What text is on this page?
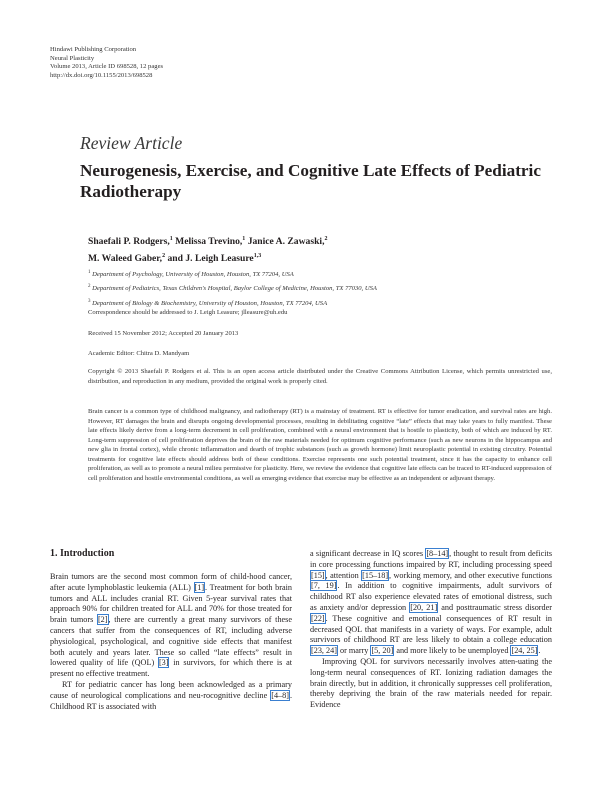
Hindawi Publishing Corporation
Neural Plasticity
Volume 2013, Article ID 698528, 12 pages
http://dx.doi.org/10.1155/2013/698528
Review Article
Neurogenesis, Exercise, and Cognitive Late Effects of Pediatric Radiotherapy
Shaefali P. Rodgers,$^1$ Melissa Trevino,$^1$ Janice A. Zawaski,$^2$
M. Waleed Gaber,$^2$ and J. Leigh Leasure$^{1,3}$
$^1$ Department of Psychology, University of Houston, Houston, TX 77204, USA
$^2$ Department of Pediatrics, Texas Children's Hospital, Baylor College of Medicine, Houston, TX 77030, USA
$^3$ Department of Biology & Biochemistry, University of Houston, Houston, TX 77204, USA
Correspondence should be addressed to J. Leigh Leasure; jlleasure@uh.edu
Received 15 November 2012; Accepted 20 January 2013
Academic Editor: Chitra D. Mandyam
Copyright © 2013 Shaefali P. Rodgers et al. This is an open access article distributed under the Creative Commons Attribution License, which permits unrestricted use, distribution, and reproduction in any medium, provided the original work is properly cited.
Brain cancer is a common type of childhood malignancy, and radiotherapy (RT) is a mainstay of treatment. RT is effective for tumor eradication, and survival rates are high. However, RT damages the brain and disrupts ongoing developmental processes, resulting in debilitating cognitive “late” effects that may take years to fully manifest. These late effects likely derive from a long-term decrement in cell proliferation, combined with a neural environment that is hostile to plasticity, both of which are induced by RT. Long-term suppression of cell proliferation deprives the brain of the raw materials needed for optimum cognitive performance (such as new neurons in the hippocampus and new glia in frontal cortex), while chronic inflammation and dearth of trophic substances (such as growth hormone) limit neuroplastic potential in existing circuitry. Potential treatments for cognitive late effects should address both of these conditions. Exercise represents one such potential treatment, since it has the capacity to enhance cell proliferation, as well as to promote a neural milieu permissive for plasticity. Here, we review the evidence that cognitive late effects can be traced to RT-induced suppression of cell proliferation and hostile environmental conditions, as well as emerging evidence that exercise may be effective as an independent or adjuvant therapy.
1. Introduction

Brain tumors are the second most common form of child-hood cancer, after acute lymphoblastic leukemia (ALL) [1]. Treatment for both brain tumors and ALL includes cranial RT. Given 5-year survival rates that approach 90% for children treated for ALL and 70% for those treated for brain tumors [2], there are currently a great many survivors of these cancers that suffer from the consequences of RT, including adverse physiological, psychological, and cognitive side effects that manifest both acutely and years later. These so called “late effects” result in lowered quality of life (QOL) [3] in survivors, for which there is at present no effective treatment.

RT for pediatric cancer has long been acknowledged as a primary cause of neurological complications and neu-rocognitive decline [4–8]. Childhood RT is associated with

a significant decrease in IQ scores [8–14], thought to result from deficits in core processing functions impaired by RT, including processing speed [15], attention [15–18], working memory, and other executive functions [7, 19]. In addition to cognitive impairments, adult survivors of childhood RT also experience elevated rates of emotional distress, such as anxiety and/or depression [20, 21] and posttraumatic stress disorder [22]. These cognitive and emotional consequences of RT result in decreased QOL that manifests in a variety of ways. For example, adult survivors of childhood RT are less likely to obtain a college education [23, 24] or marry [5, 20] and more likely to be unemployed [24, 25].

Improving QOL for survivors necessarily involves atten-uating the long-term neural consequences of RT. Ionizing radiation damages the brain directly, but in addition, it chronically suppresses cell proliferation, thereby depriving the brain of the raw materials needed for repair. Evidence
